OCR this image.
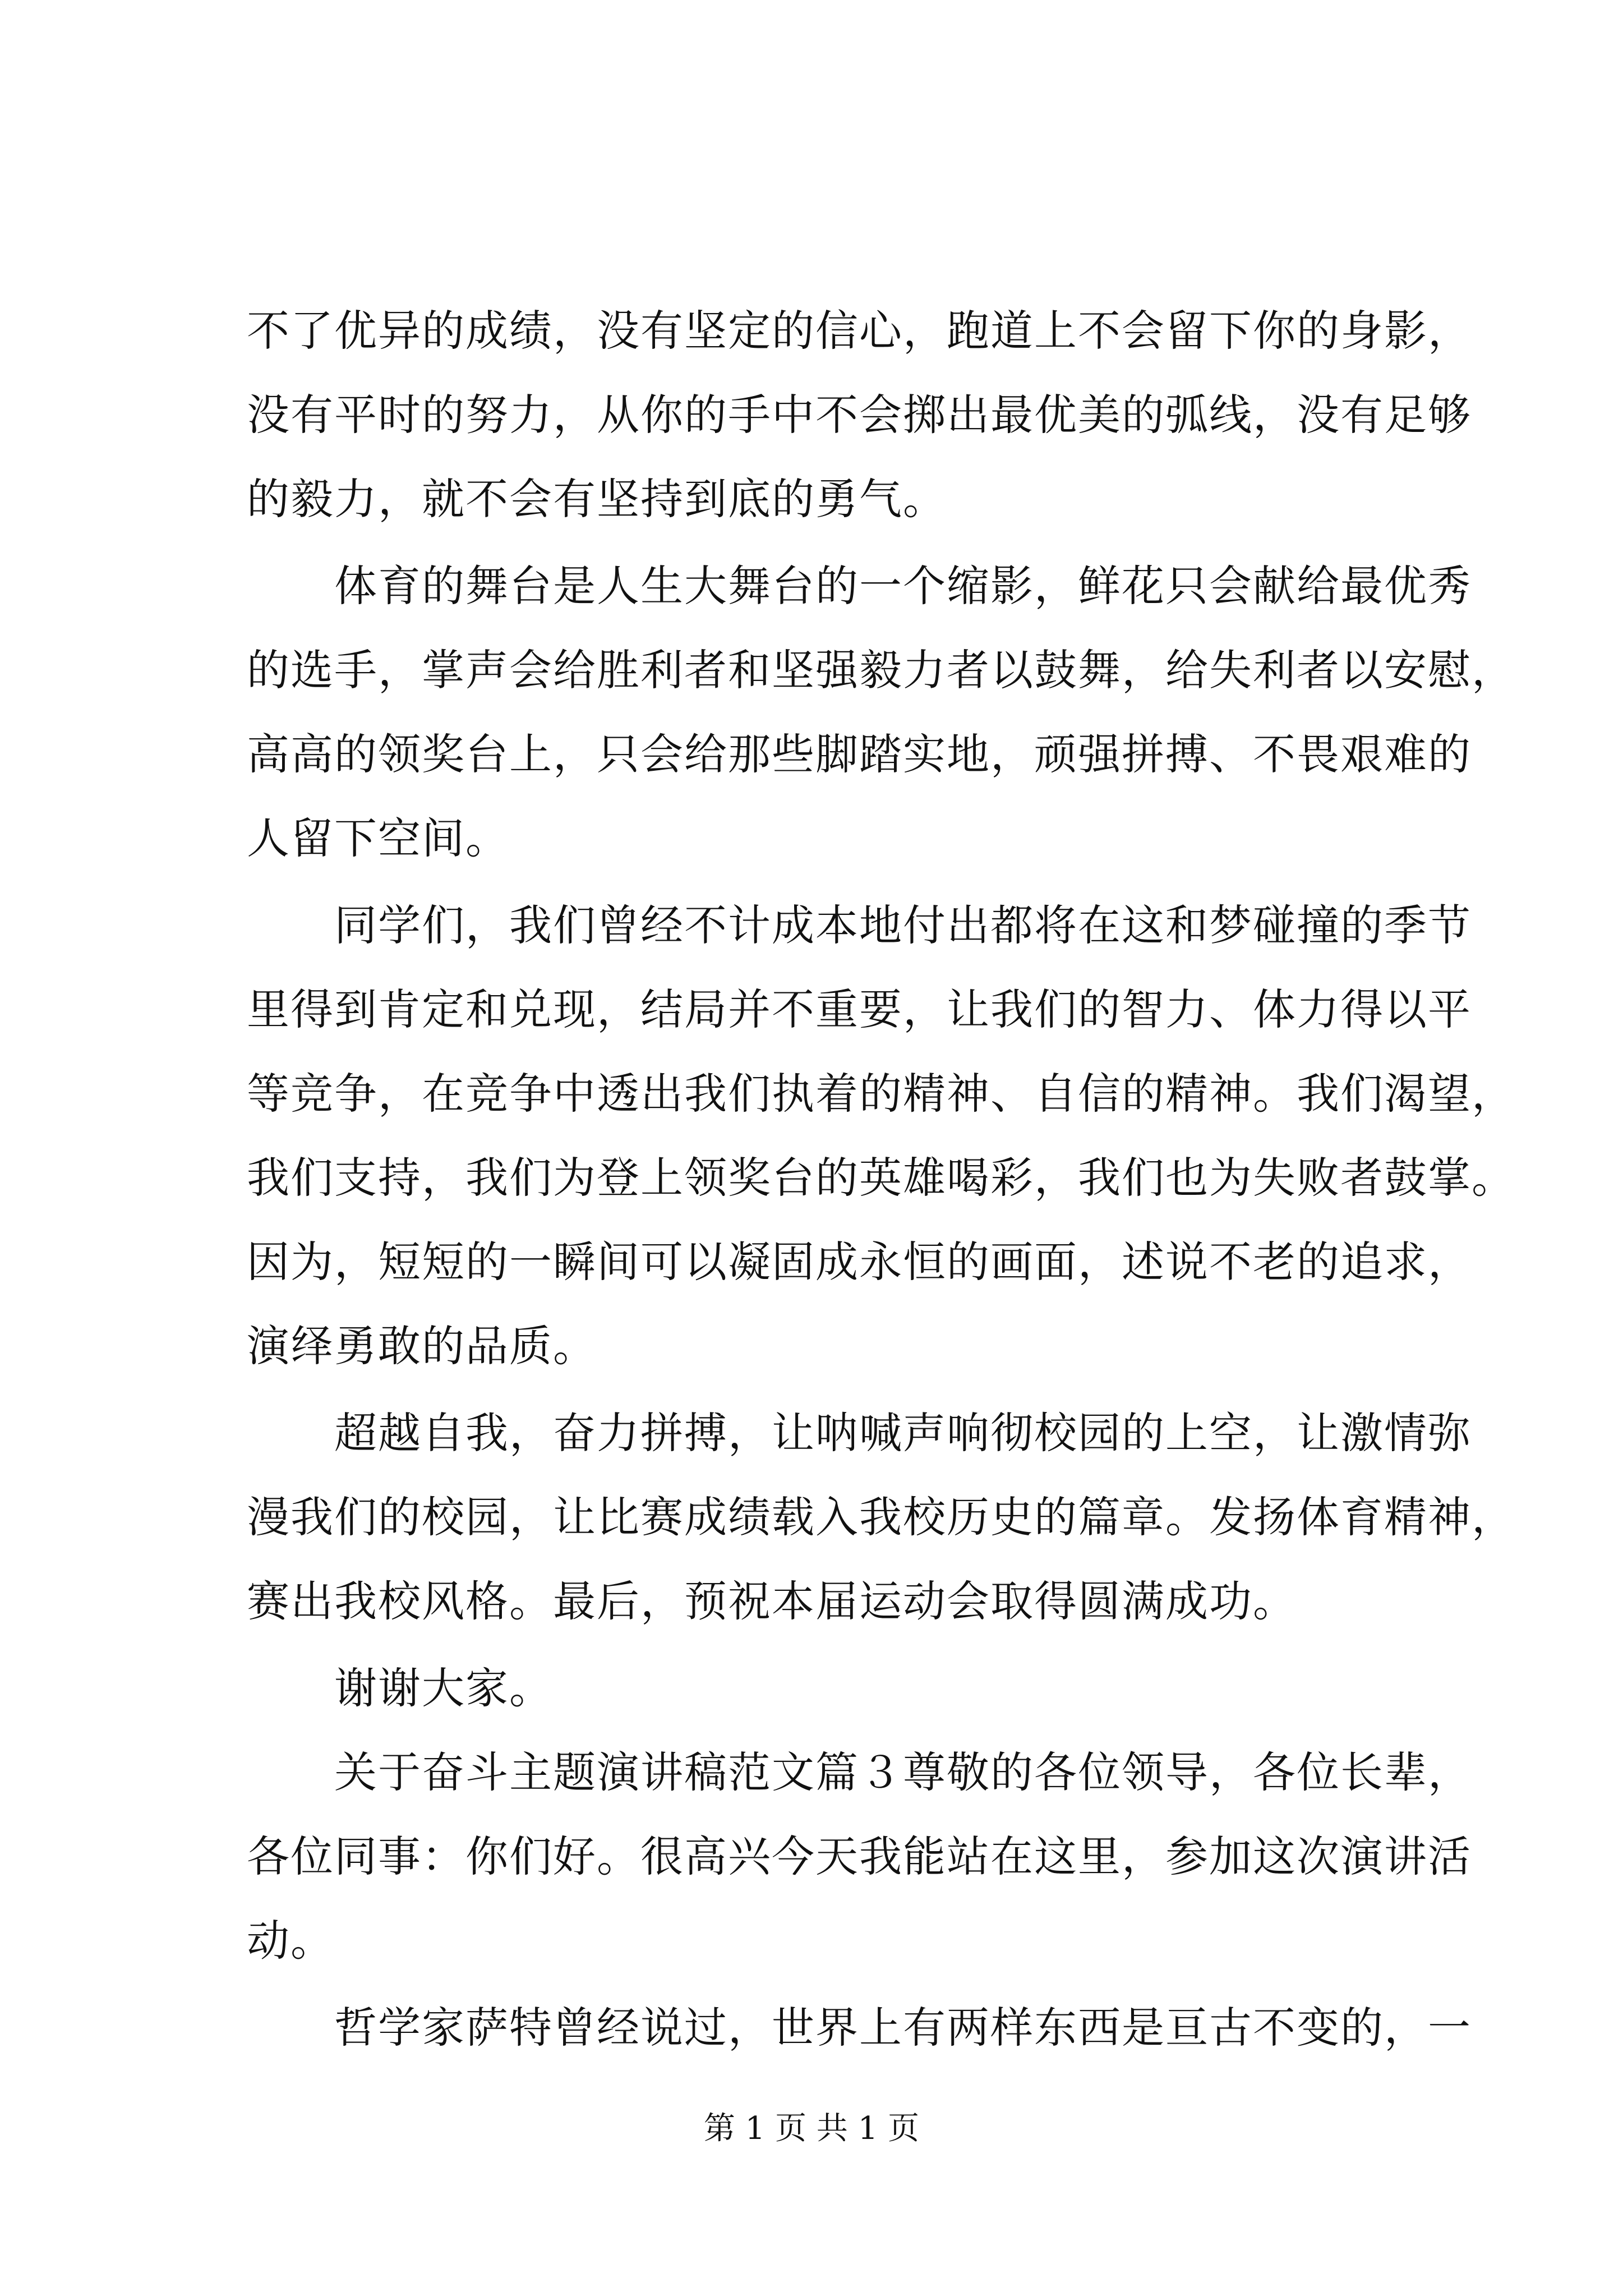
不了优异的成绩，没有坚定的信心，跑道上不会留下你的身影，
没有平时的努力，从你的手中不会掷出最优美的弧线，没有足够
的毅力，就不会有坚持到底的勇气。
　　体育的舞台是人生大舞台的一个缩影，鲜花只会献给最优秀
的选手，掌声会给胜利者和坚强毅力者以鼓舞，给失利者以安慰，
高高的领奖台上，只会给那些脚踏实地，顽强拼搏、不畏艰难的
人留下空间。
　　同学们，我们曾经不计成本地付出都将在这和梦碰撞的季节
里得到肯定和兑现，结局并不重要，让我们的智力、体力得以平
等竞争，在竞争中透出我们执着的精神、自信的精神。我们渴望，
我们支持，我们为登上领奖台的英雄喝彩，我们也为失败者鼓掌。
因为，短短的一瞬间可以凝固成永恒的画面，述说不老的追求，
演绎勇敢的品质。
　　超越自我，奋力拼搏，让呐喊声响彻校园的上空，让激情弥
漫我们的校园，让比赛成绩载入我校历史的篇章。发扬体育精神，
赛出我校风格。最后，预祝本届运动会取得圆满成功。
　　谢谢大家。
　　关于奋斗主题演讲稿范文篇３尊敬的各位领导，各位长辈，
各位同事：你们好。很高兴今天我能站在这里，参加这次演讲活
动。
　　哲学家萨特曾经说过，世界上有两样东西是亘古不变的，一
第 1 页 共 1 页
